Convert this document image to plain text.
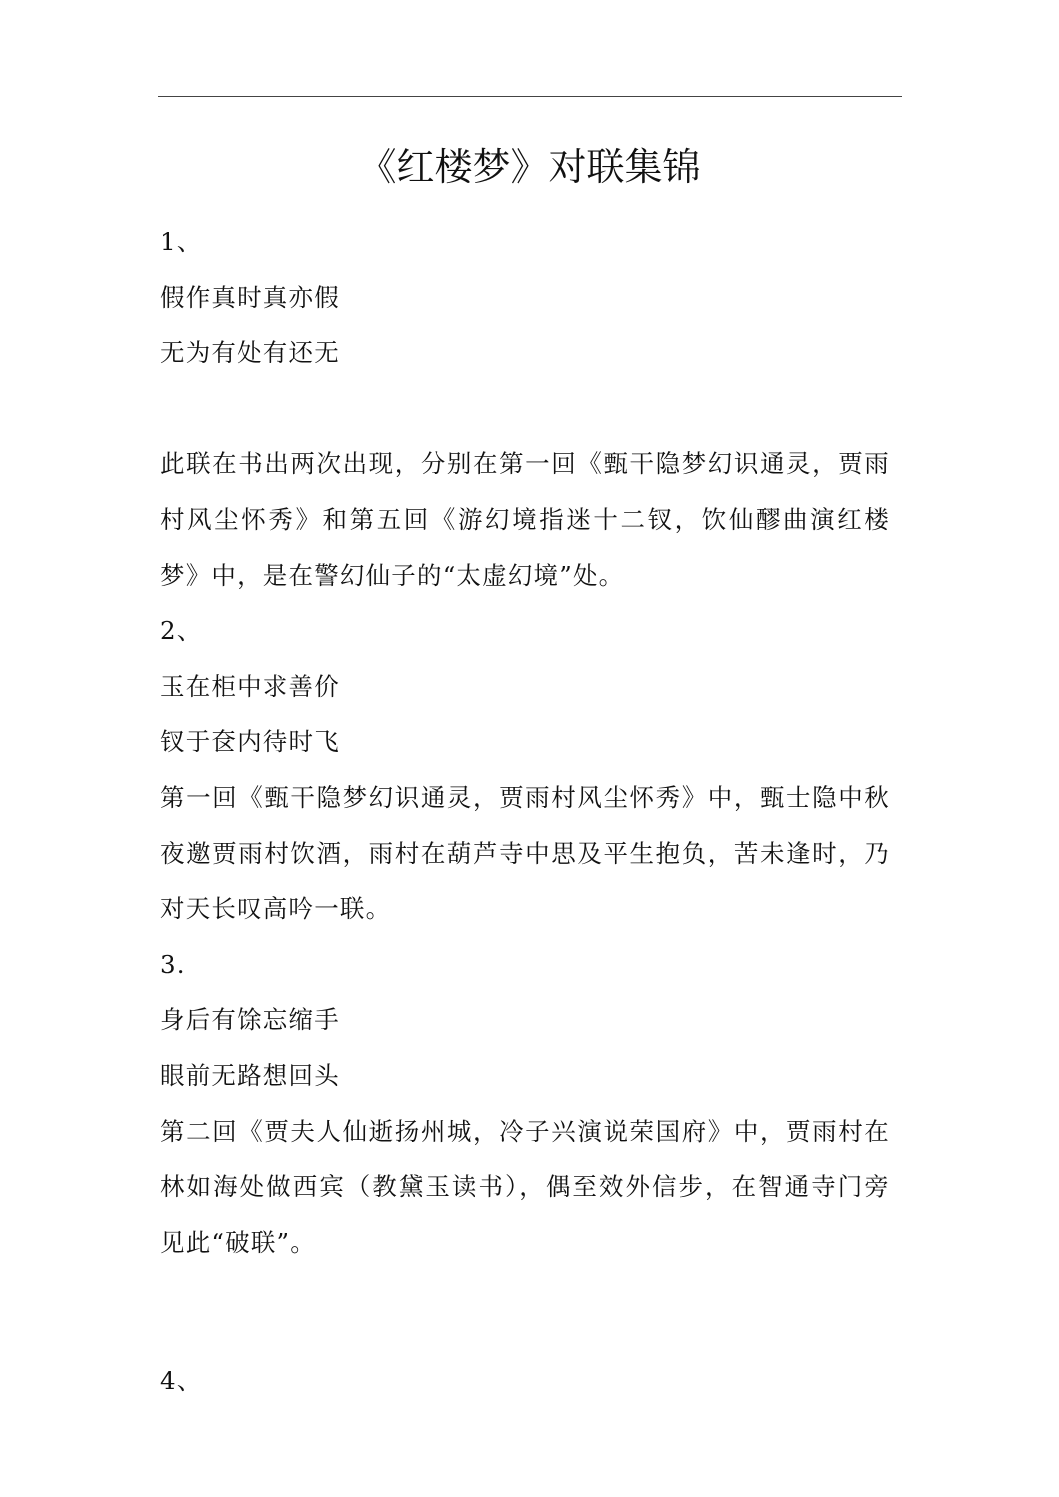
《红楼梦》对联集锦
1、
假作真时真亦假
无为有处有还无
此联在书出两次出现，分别在第一回《甄干隐梦幻识通灵，贾雨村风尘怀秀》和第五回《游幻境指迷十二钗，饮仙醪曲演红楼梦》中，是在警幻仙子的“太虚幻境”处。
2、
玉在柜中求善价
钗于奁内待时飞
第一回《甄干隐梦幻识通灵，贾雨村风尘怀秀》中，甄士隐中秋夜邀贾雨村饮酒，雨村在葫芦寺中思及平生抱负，苦未逢时，乃对天长叹高吟一联。
3.
身后有馀忘缩手
眼前无路想回头
第二回《贾夫人仙逝扬州城，冷子兴演说荣国府》中，贾雨村在林如海处做西宾（教黛玉读书），偶至效外信步，在智通寺门旁见此“破联”。
4、
